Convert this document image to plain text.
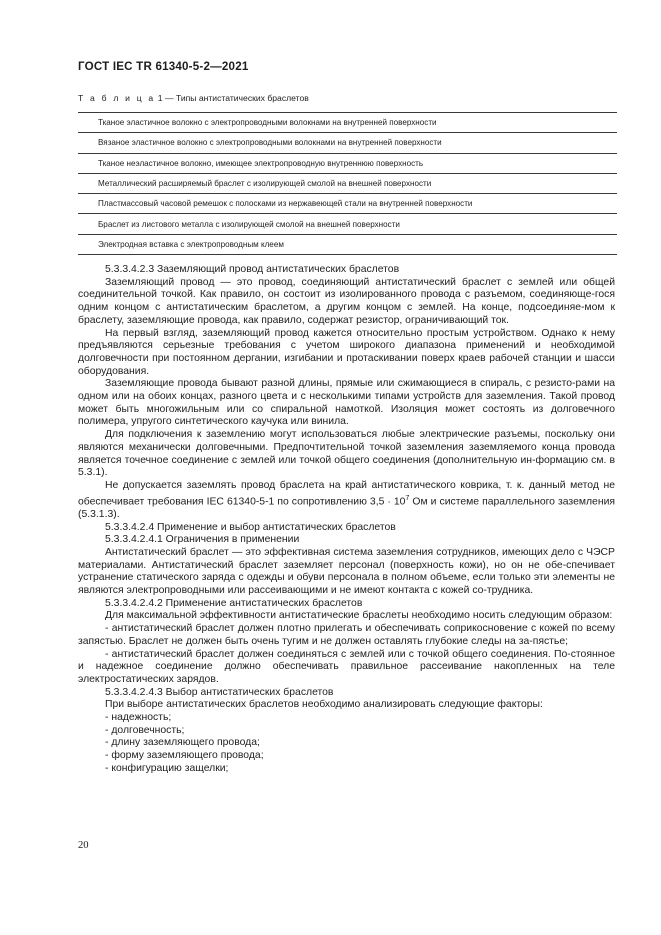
ГОСТ IEC TR 61340-5-2—2021
Т а б л и ц а 1 — Типы антистатических браслетов
Тканое эластичное волокно с электропроводными волокнами на внутренней поверхности
Вязаное эластичное волокно с электропроводными волокнами на внутренней поверхности
Тканое неэластичное волокно, имеющее электропроводную внутреннюю поверхность
Металлический расширяемый браслет с изолирующей смолой на внешней поверхности
Пластмассовый часовой ремешок с полосками из нержавеющей стали на внутренней поверхности
Браслет из листового металла с изолирующей смолой на внешней поверхности
Электродная вставка с электропроводным клеем

5.3.3.4.2.3 Заземляющий провод антистатических браслетов

Заземляющий провод — это провод, соединяющий антистатический браслет с землей или общей соединительной точкой. Как правило, он состоит из изолированного провода с разъемом, соединяюще-гося одним концом с антистатическим браслетом, а другим концом с землей. На конце, подсоединяе-мом к браслету, заземляющие провода, как правило, содержат резистор, ограничивающий ток.

На первый взгляд, заземляющий провод кажется относительно простым устройством. Однако к нему предъявляются серьезные требования с учетом широкого диапазона применений и необходимой долговечности при постоянном дергании, изгибании и протаскивании поверх краев рабочей станции и шасси оборудования.

Заземляющие провода бывают разной длины, прямые или сжимающиеся в спираль, с резисто-рами на одном или на обоих концах, разного цвета и с несколькими типами устройств для заземления. Такой провод может быть многожильным или со спиральной намоткой. Изоляция может состоять из долговечного полимера, упругого синтетического каучука или винила.

Для подключения к заземлению могут использоваться любые электрические разъемы, поскольку они являются механически долговечными. Предпочтительной точкой заземления заземляемого конца провода является точечное соединение с землей или точкой общего соединения (дополнительную ин-формацию см. в 5.3.1).

Не допускается заземлять провод браслета на край антистатического коврика, т. к. данный метод не обеспечивает требования IEC 61340-5-1 по сопротивлению $3,5 \cdot 10^7$ Ом и системе параллельного заземления (5.3.1.3).

5.3.3.4.2.4 Применение и выбор антистатических браслетов

5.3.3.4.2.4.1 Ограничения в применении

Антистатический браслет — это эффективная система заземления сотрудников, имеющих дело с ЧЭСР материалами. Антистатический браслет заземляет персонал (поверхность кожи), но он не обе-спечивает устранение статического заряда с одежды и обуви персонала в полном объеме, если только эти элементы не являются электропроводными или рассеивающими и не имеют контакта с кожей со-трудника.

5.3.3.4.2.4.2 Применение антистатических браслетов

Для максимальной эффективности антистатические браслеты необходимо носить следующим образом:

- антистатический браслет должен плотно прилегать и обеспечивать соприкосновение с кожей по всему запястью. Браслет не должен быть очень тугим и не должен оставлять глубокие следы на за-пястье;

- антистатический браслет должен соединяться с землей или с точкой общего соединения. По-стоянное и надежное соединение должно обеспечивать правильное рассеивание накопленных на теле электростатических зарядов.

5.3.3.4.2.4.3 Выбор антистатических браслетов

При выборе антистатических браслетов необходимо анализировать следующие факторы:

- надежность;

- долговечность;

- длину заземляющего провода;

- форму заземляющего провода;

- конфигурацию защелки;

20
